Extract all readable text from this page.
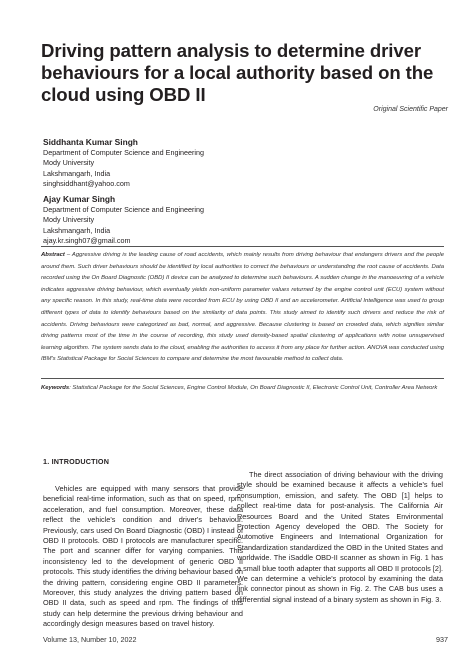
Driving pattern analysis to determine driver behaviours for a local authority based on the cloud using OBD II
Original Scientific Paper
Siddhanta Kumar Singh
Department of Computer Science and Engineering
Mody University
Lakshmangarh, India
singhsiddhant@yahoo.com
Ajay Kumar Singh
Department of Computer Science and Engineering
Mody University
Lakshmangarh, India
ajay.kr.singh07@gmail.com
Abstract – Aggressive driving is the leading cause of road accidents, which mainly results from driving behaviour that endangers drivers and the people around them. Such driver behaviours should be identified by local authorities to correct the behaviours or understanding the root cause of accidents. Data recorded using the On Board Diagnostic (OBD) II device can be analyzed to determine such behaviours. A sudden change in the manoeuvring of a vehicle indicates aggressive driving behaviour, which eventually yields non-uniform parameter values returned by the engine control unit (ECU) system without any specific reason. In this study, real-time data were recorded from ECU by using OBD II and an accelerometer. Artificial Intelligence was used to group different types of data to identify behaviours based on the similarity of data points. This study aimed to identify such drivers and reduce the risk of accidents. Driving behaviours were categorized as bad, normal, and aggressive. Because clustering is based on crowded data, which signifies similar driving patterns most of the time in the course of recording, this study used density-based spatial clustering of applications with noise unsupervised learning algorithm. The system sends data to the cloud, enabling the authorities to access it from any place for further action. ANOVA was conducted using IBM's Statistical Package for Social Sciences to compare and determine the most favourable method to collect data.
Keywords: Statistical Package for the Social Sciences, Engine Control Module, On Board Diagnostic II, Electronic Control Unit, Controller Area Network
1. INTRODUCTION

Vehicles are equipped with many sensors that provide beneficial real-time information, such as that on speed, rpm, acceleration, and fuel consumption. Moreover, these data reflect the vehicle's condition and driver's behaviour. Previously, cars used On Board Diagnostic (OBD) I instead of OBD II protocols. OBD I protocols are manufacturer specific. The port and scanner differ for varying companies. This inconsistency led to the development of generic OBD II protocols. This study identifies the driving behaviour based on the driving pattern, considering engine OBD II parameters. Moreover, this study analyzes the driving pattern based on OBD II data, such as speed and rpm. The findings of this study can help determine the previous driving behaviour and accordingly design measures based on travel history.

The direct association of driving behaviour with the driving style should be examined because it affects a vehicle's fuel consumption, emission, and safety. The OBD [1] helps to collect real-time data for post-analysis. The California Air Resources Board and the United States Environmental Protection Agency developed the OBD. The Society for Automotive Engineers and International Organization for Standardization standardized the OBD in the United States and worldwide. The iSaddle OBD-II scanner as shown in Fig. 1 has a small blue tooth adapter that supports all OBD II protocols [2]. We can determine a vehicle's protocol by examining the data link connector pinout as shown in Fig. 2. The CAB bus uses a differential signal instead of a binary system as shown in Fig. 3.

Volume 13, Number 10, 2022	937
